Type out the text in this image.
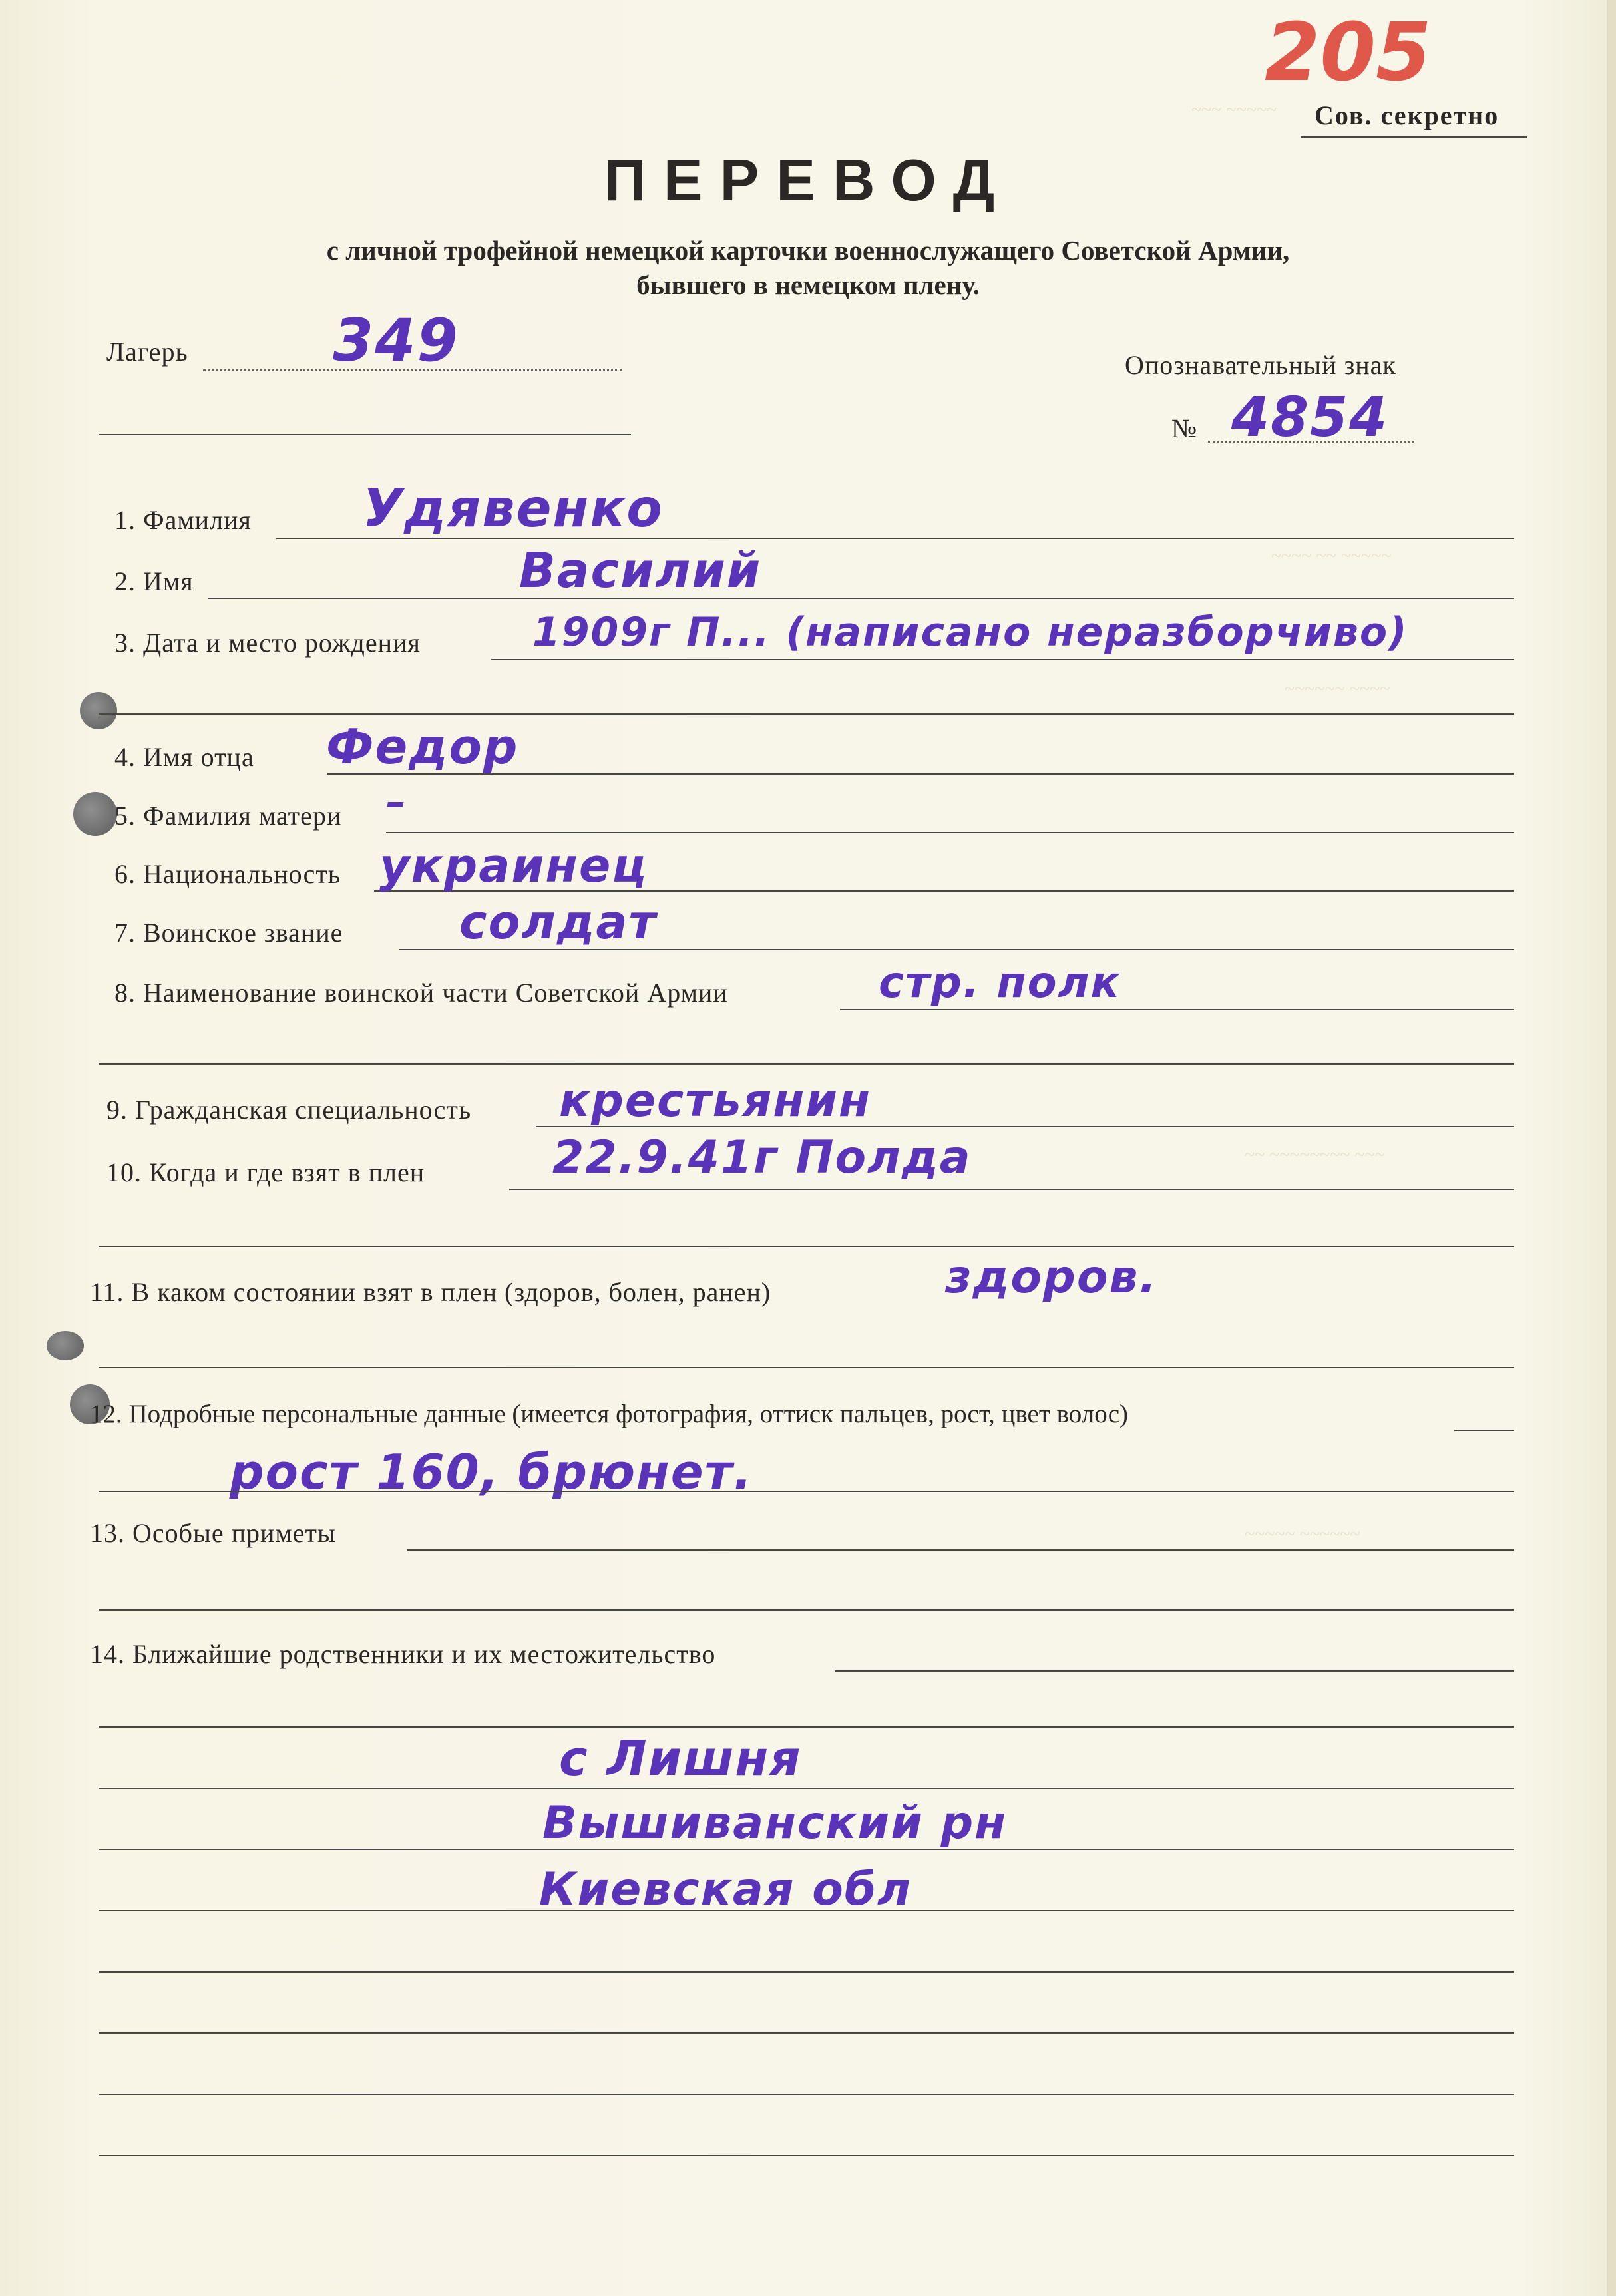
~~~ ~~~~~
~~~~ ~~ ~~~~~
~~~~~~ ~~~~
~~ ~~~~~~~~ ~~~
~~~~~ ~~~~~~
205
Сов. секретно
ПЕРЕВОД
с личной трофейной немецкой карточки военнослужащего Советской Армии,
бывшего в немецком плену.
Лагерь 349	Опознавательный знак
№ 4854
1. Фамилия Удявенко
2. Имя	Василий
3. Дата и место рождения	1909г П... (написано неразборчиво)
4. Имя отца Федор
5. Фамилия матери –
6. Национальность украинец
7. Воинское звание солдат
8. Наименование воинской части Советской Армии	стр. полк
9. Гражданская специальность крестьянин
10. Когда и где взят в плен	22.9.41г Полда
11. В каком состоянии взят в плен (здоров, болен, ранен)	здоров.
12. Подробные персональные данные (имеется фотография, оттиск пальцев, рост, цвет волос)
рост 160, брюнет.
13. Особые приметы
14. Ближайшие родственники и их местожительство
с Лишня
Вышиванский рн
Киевская обл
